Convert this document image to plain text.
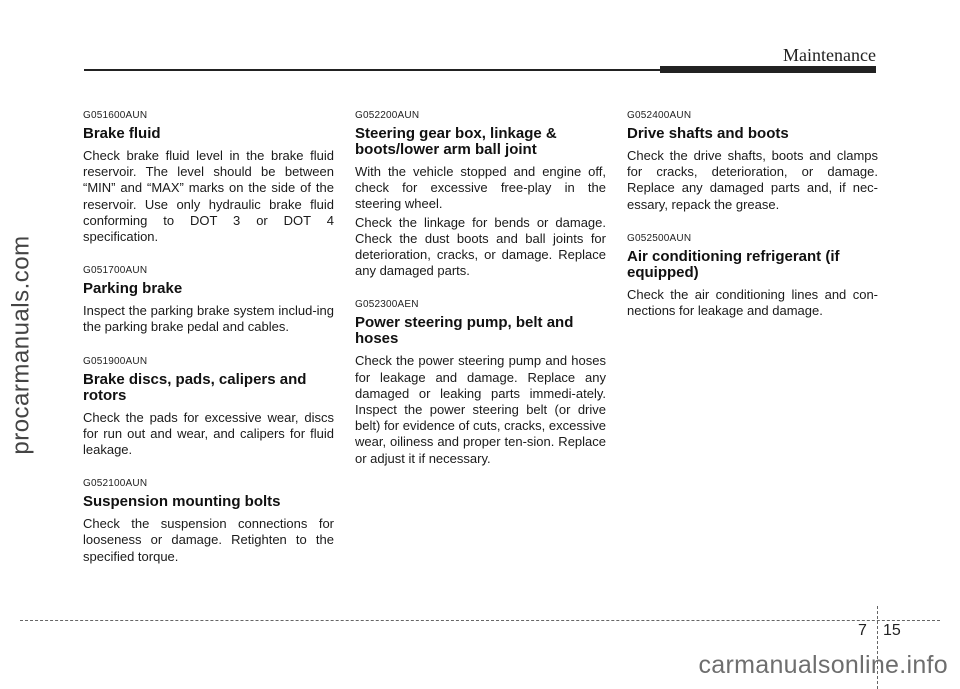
Maintenance
procarmanuals.com
G051600AUN
Brake fluid

Check brake fluid level in the brake fluid reservoir. The level should be between “MIN” and “MAX” marks on the side of the reservoir. Use only hydraulic brake fluid conforming to DOT 3 or DOT 4 specification.

G051700AUN
Parking brake

Inspect the parking brake system includ-ing the parking brake pedal and cables.

G051900AUN
Brake discs, pads, calipers and rotors

Check the pads for excessive wear, discs for run out and wear, and calipers for fluid leakage.

G052100AUN
Suspension mounting bolts

Check the suspension connections for looseness or damage. Retighten to the specified torque.

G052200AUN
Steering gear box, linkage & boots/lower arm ball joint

With the vehicle stopped and engine off, check for excessive free-play in the steering wheel.

Check the linkage for bends or damage. Check the dust boots and ball joints for deterioration, cracks, or damage. Replace any damaged parts.

G052300AEN
Power steering pump, belt and hoses

Check the power steering pump and hoses for leakage and damage. Replace any damaged or leaking parts immedi-ately. Inspect the power steering belt (or drive belt) for evidence of cuts, cracks, excessive wear, oiliness and proper ten-sion. Replace or adjust it if necessary.

G052400AUN
Drive shafts and boots

Check the drive shafts, boots and clamps for cracks, deterioration, or damage. Replace any damaged parts and, if nec-essary, repack the grease.

G052500AUN
Air conditioning refrigerant (if equipped)

Check the air conditioning lines and con-nections for leakage and damage.

7 15
carmanualsonline.info
